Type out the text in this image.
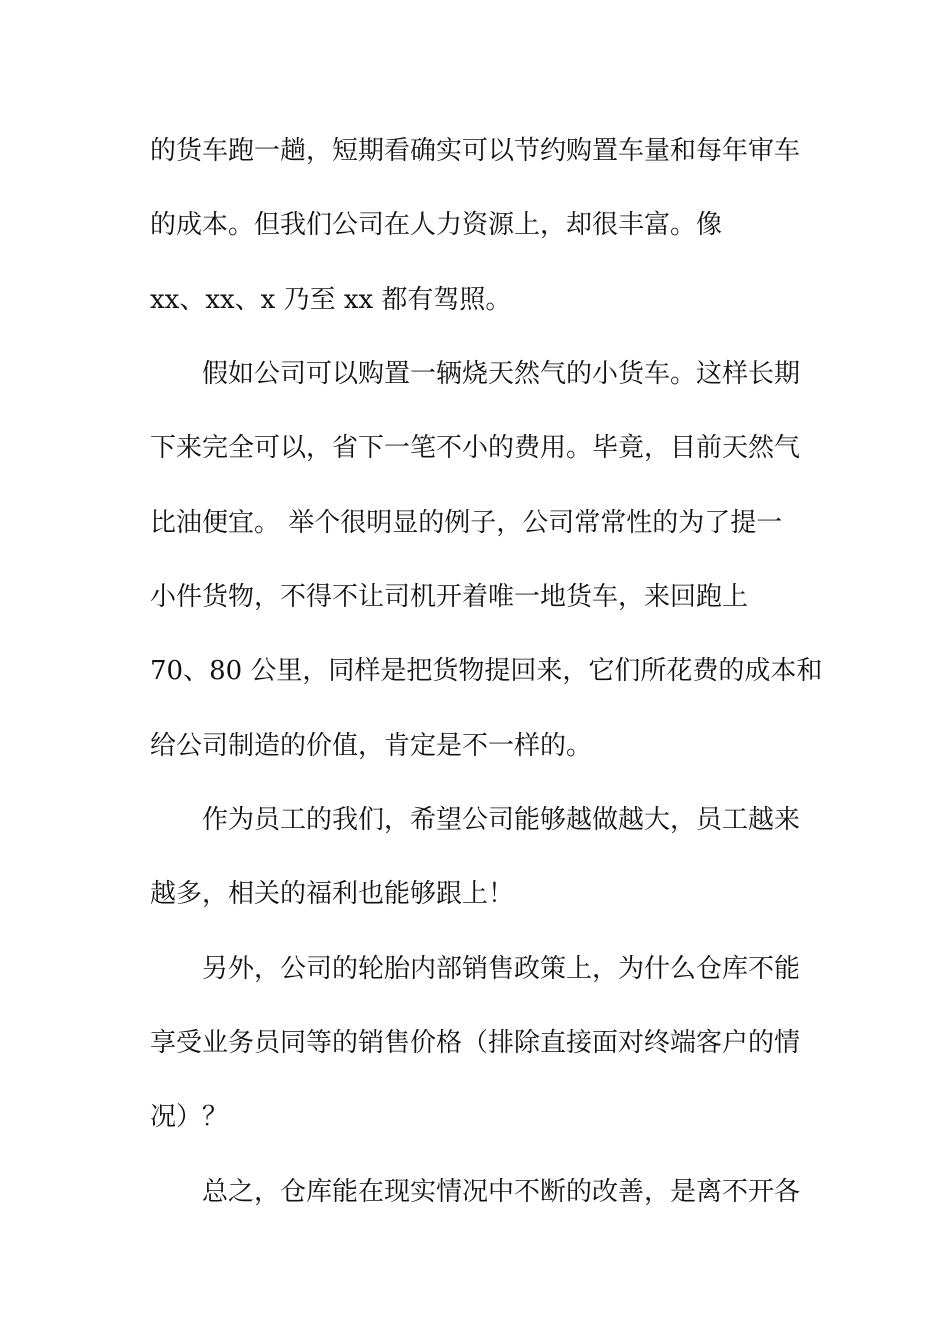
的货车跑一趟，短期看确实可以节约购置车量和每年审车
的成本。但我们公司在人力资源上，却很丰富。像
xx、xx、x 乃至 xx 都有驾照。
假如公司可以购置一辆烧天然气的小货车。这样长期
下来完全可以，省下一笔不小的费用。毕竟，目前天然气
比油便宜。 举个很明显的例子，公司常常性的为了提一
小件货物，不得不让司机开着唯一地货车，来回跑上
70、80 公里，同样是把货物提回来，它们所花费的成本和
给公司制造的价值，肯定是不一样的。
作为员工的我们，希望公司能够越做越大，员工越来
越多，相关的福利也能够跟上！
另外，公司的轮胎内部销售政策上，为什么仓库不能
享受业务员同等的销售价格（排除直接面对终端客户的情
况）？
总之，仓库能在现实情况中不断的改善，是离不开各
